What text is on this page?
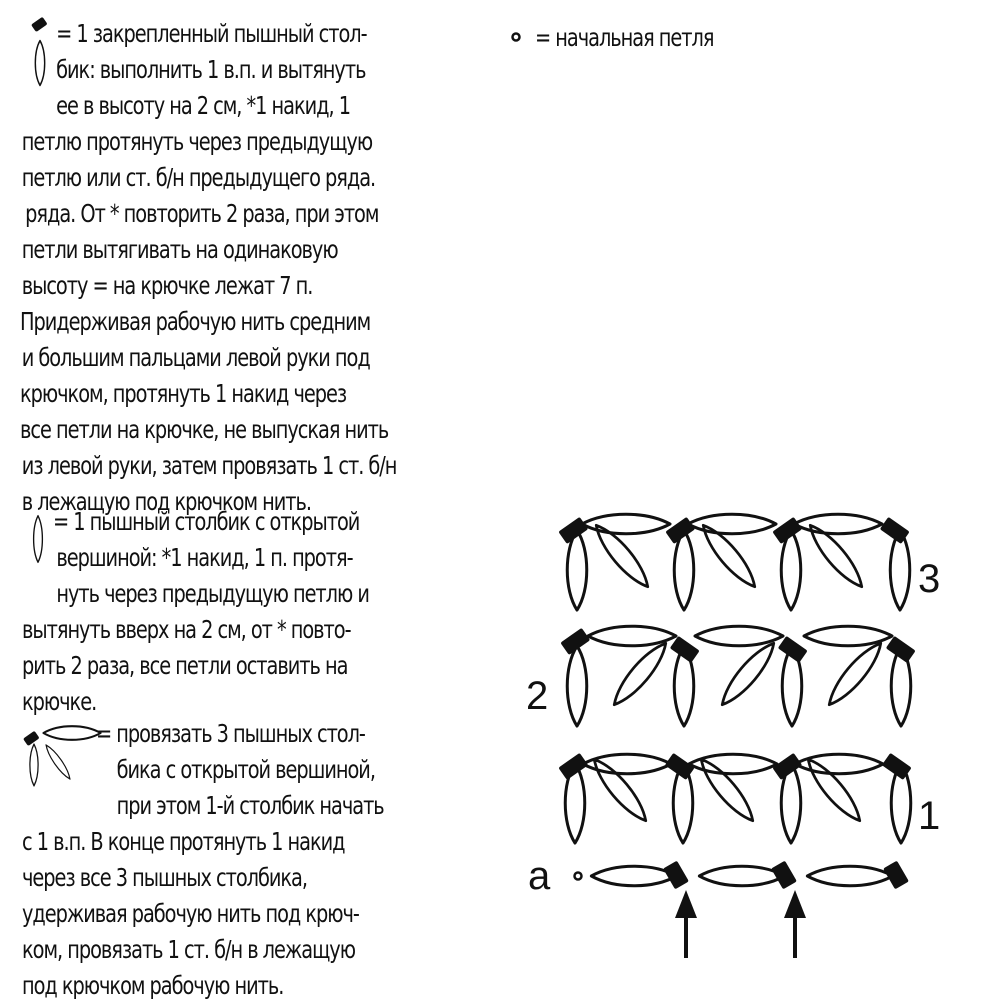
a
1
2
3
= начальная петля

= 1 закрепленный пышный стол-

бик: выполнить 1 в.п. и вытянуть

ее в высоту на 2 см, *1 накид, 1

петлю протянуть через предыдущую

петлю или ст. б/н предыдущего ряда.

ряда. От * повторить 2 раза, при этом

петли вытягивать на одинаковую

высоту = на крючке лежат 7 п.

Придерживая рабочую нить средним

и большим пальцами левой руки под

крючком, протянуть 1 накид через

все петли на крючке, не выпуская нить

из левой руки, затем провязать 1 ст. б/н

в лежащую под крючком нить.

= 1 пышный столбик с открытой

вершиной: *1 накид, 1 п. протя-

нуть через предыдущую петлю и

вытянуть вверх на 2 см, от * повто-

рить 2 раза, все петли оставить на

крючке.

= провязать 3 пышных стол-

бика с открытой вершиной,

при этом 1-й столбик начать

с 1 в.п. В конце протянуть 1 накид

через все 3 пышных столбика,

удерживая рабочую нить под крюч-

ком, провязать 1 ст. б/н в лежащую

под крючком рабочую нить.
